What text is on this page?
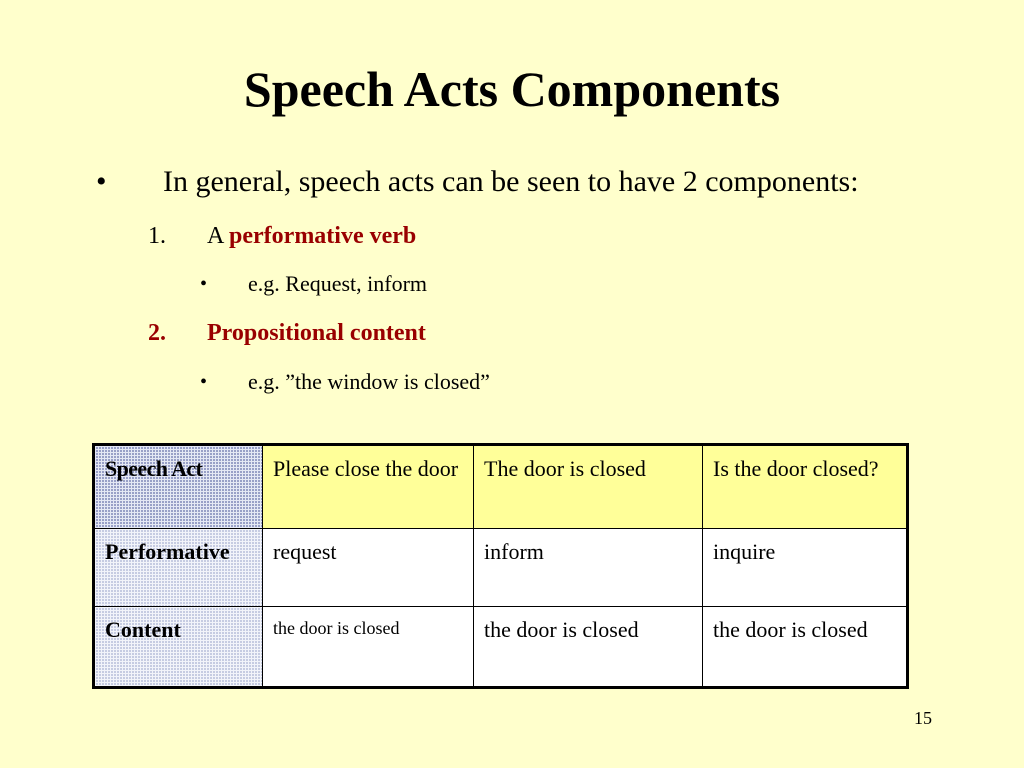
Speech Acts Components
• In general, speech acts can be seen to have 2 components:
1. A performative verb
• e.g. Request, inform
2. Propositional content
• e.g. ”the window is closed”
Speech Act	Please close the door	The door is closed	Is the door closed?
Performative	request	inform	inquire
Content	the door is closed	the door is closed	the door is closed
15
